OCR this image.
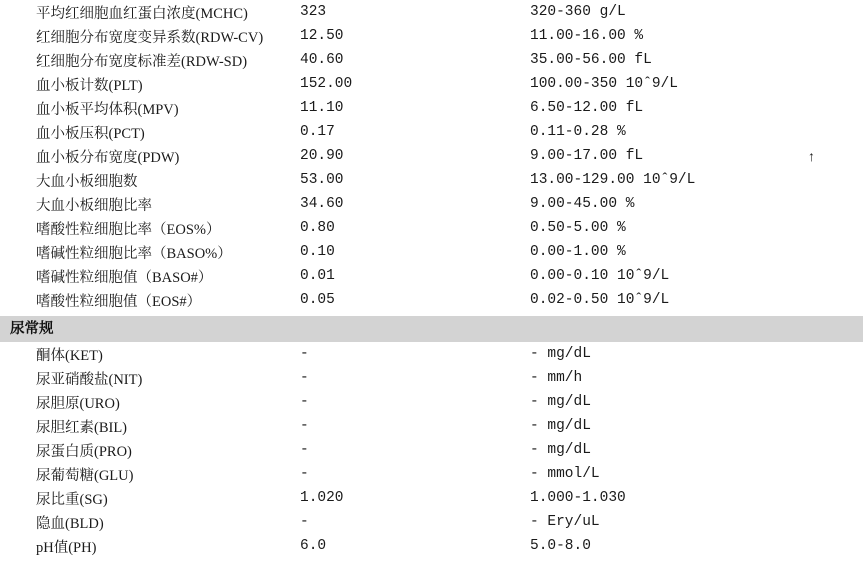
平均红细胞血红蛋白浓度(MCHC)	323	320-360 g/L	
红细胞分布宽度变异系数(RDW-CV)	12.50	11.00-16.00 %	
红细胞分布宽度标准差(RDW-SD)	40.60	35.00-56.00 fL	
血小板计数(PLT)	152.00	100.00-350 10ˆ9/L	
血小板平均体积(MPV)	11.10	6.50-12.00 fL	
血小板压积(PCT)	0.17	0.11-0.28 %	
血小板分布宽度(PDW)	20.90	9.00-17.00 fL	↑
大血小板细胞数	53.00	13.00-129.00 10ˆ9/L	
大血小板细胞比率	34.60	9.00-45.00 %	
嗜酸性粒细胞比率（EOS%）	0.80	0.50-5.00 %	
嗜碱性粒细胞比率（BASO%）	0.10	0.00-1.00 %	
嗜碱性粒细胞值（BASO#）	0.01	0.00-0.10 10ˆ9/L	
嗜酸性粒细胞值（EOS#）	0.05	0.02-0.50 10ˆ9/L	

尿常规			

酮体(KET)	-	- mg/dL	
尿亚硝酸盐(NIT)	-	- mm/h	
尿胆原(URO)	-	- mg/dL	
尿胆红素(BIL)	-	- mg/dL	
尿蛋白质(PRO)	-	- mg/dL	
尿葡萄糖(GLU)	-	- mmol/L	
尿比重(SG)	1.020	1.000-1.030	
隐血(BLD)	-	- Ery/uL	
pH值(PH)	6.0	5.0-8.0	
